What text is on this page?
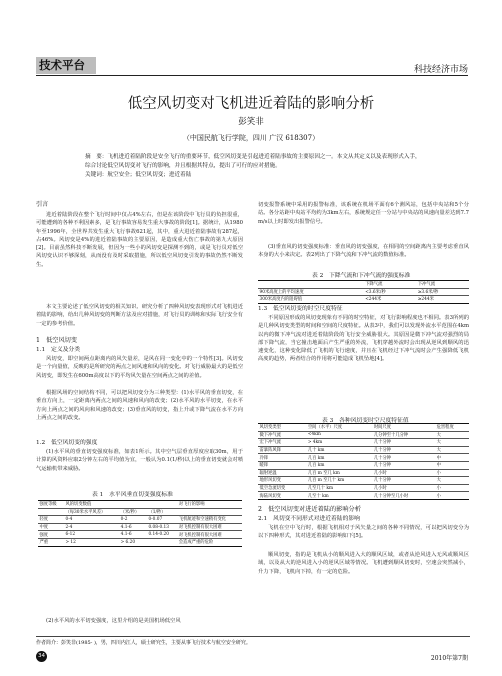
技术平台	科技经济市场
低空风切变对飞机进近着陆的影响分析
彭笑非
（中国民航飞行学院，四川 广汉 618307）
摘　要：飞机进近着陆阶段是安全飞行的重要环节，低空风切变是引起进近着陆事故的主要原因之一。本文从其定义以及表现形式入手，综合讨论低空风切变对飞行的影响，并且根据其特点，提出了可行的应对措施。
关键词：航空安全；低空风切变；进近着陆
引言
进近着陆阶段在整个飞行时间中仅占4%左右，但是在该阶段中飞行员的负担很重，可能遭到的各种不利因素多，是飞行事故容易发生重大事故的阶段[1]。据统计，从1980年至1996年，全世界共发生重大飞行事故621起，其中，重大进近着陆事故有287起，占46%。风切变是4%的进近着陆事故的主要原因，是造成重大伤亡事故的第九大原因[2]。目前虽然科技不断发展，但因为一些小的风切变是探测不到的，或是飞行员对低空风切变认识不够深刻，从而没有及时采取措施，所以低空风切变引发的事故仍然不断发生。
本文主要论述了低空风切变的相关知识、研究分析了四种风切变表现形式对飞机进近着陆的影响，给出几种风切变的判断方法及应对措施，对飞行员的训练和实际飞行安全有一定的参考价值。
1　低空风切变
1.1　定义及分类
风切变，即空间两点距离内的风矢量差，是风在同一变化中的一个特性[3]。风切变是一个向量值，反映的是所研究的两点之间风速和风向的变化。对飞行威胁最大的是低空风切变，即发生在600m高度以下的平均风矢量在空间两点之间的差值。
根据风场的空间结构不同，可以把风切变分为三种类型：(1)水平风的垂直切变，在垂直方向上，一定距离内两点之间的风速和风向的改变；(2)水平风的水平切变，在水平方向上两点之间的风向和风速的改变；(3)垂直风的切变，指上升或下降气流在水平方向上两点之间的改变。
1.2　低空风切变的强度
(1)水平风的垂直切变强度标准，如表1所示。其中空气层垂直厚度应取30m，用于计算的风资料应取2分钟左右的平均值为宜，一般认为0.1(1/秒)以上的垂直切变就会对喷气运输机带来威胁。
表 1　水平风垂直切变强度标准
强度等级	风的切变数值			对飞行的影响
	（每30米水平风差）	（米/秒）	（1/秒）	
轻度	0-4	0-2	0-0.07	飞机航迹和空速稍有变化
中度	2-4	4.1-6	0.08-0.13	对飞机控制有很大困难
强度	6-12	4.1-6	0.14-0.20	对飞机控制有很大困难
严重	> 12	> 6.20		会造成严重的危险
(2)水平风的水平切变强度，这里介绍的是美国机场低空风
切变报警系统中采用的报警标准，该系统在机场平面有6个测风站，包括中央站和5个分站。各分站距中央站平均约为3km左右，系统规定任一分站与中央站的风速向量差达到7.7m/s以上时即发出报警信号。
(3)垂直风的切变强度标准：垂直风的切变强度，在相同的空间距离内主要考虑垂直风本身的大小来决定。表2列出了下降气流和下冲气流的数值标准。
表 2　下降气流和下冲气流的强度标准
	下降气流	下冲气流
90米高度上的平均速度	<3.6米/秒	≥3.6米/秒
300米高度内的阻碍值	<244米	≥244米
1.3　低空风切变的时空尺度特征
不同原因形成的风切变现象有不同的时空特征，对飞行影响程度也不相同。表3所列的是几种风切变类型的时间和空间的尺度特征。从表3中，我们可以发现外流水平范围在4km以内的微下冲气流对进近着陆阶段的飞行安全威胁很大。其原因是微下冲气流对强烈的局部下降气流，当它撞击地面后产生严重的外流，飞机穿越外流时会出现从逆风到顺风的迅速变化，这种变化降低了飞机的飞行速度，并且在飞机经过下冲气流时会产生强降低飞机高度的趋势，两者结合的作用将可能造成飞机坠地[4]。
表 3　各种风切变时空尺度特征值
风切变类型	空间（水平）尺度	时间尺度	危害程度
微下冲气流	<4km	几分钟至十几分钟	大
宏下冲气流	> 4km	几十分钟	大
雷暴阵风锋	几十 km	几十分钟	大
冷锋	几百 km	几十分钟	中
暖锋	几百 km	几十分钟	中
辐射逆温	几百 m 至几 km	几小时	小
地形风切变	几百 m 至几十 km	几十分钟	大
低空急流切变	几至几十 km	几小时	小
海陆风切变	几至十 km	几十分钟至几小时	小
2　低空风切变对进近着陆的影响分析
2.1　风切变不同形式对进近着陆的影响
飞机在空中飞行时，根据飞机相对于风矢量之间的各种不同情况，可以把风切变分为以下四种形式，其对进近着陆的影响如下[5]。
顺风切变，指的是飞机从小的顺风进入大的顺风区域，或者从逆风进入无风或顺风区域，以及从大的逆风进入小的逆风区域等情况。飞机遭到顺风切变时，空速会突然减小，升力下降，飞机向下掉，有一定的危险。
作者简介：彭笑非(1985- )，男，四川内江人，硕士研究生，主要从事飞行技术与航空安全研究。
34	2010年第7期
